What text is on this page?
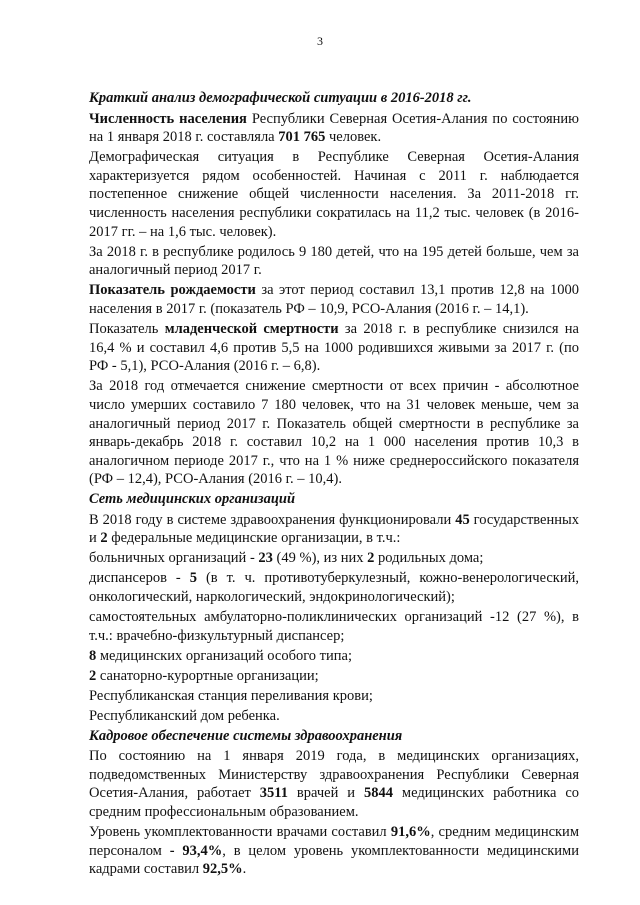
3

Краткий анализ демографической ситуации в 2016-2018 гг.

Численность населения Республики Северная Осетия-Алания по состоянию на 1 января 2018 г. составляла 701 765 человек.

Демографическая ситуация в Республике Северная Осетия-Алания характеризуется рядом особенностей. Начиная с 2011 г. наблюдается постепенное снижение общей численности населения. За 2011-2018 гг. численность населения республики сократилась на 11,2 тыс. человек (в 2016-2017 гг. – на 1,6 тыс. человек).

За 2018 г. в республике родилось 9 180 детей, что на 195 детей больше, чем за аналогичный период 2017 г.

Показатель рождаемости за этот период составил 13,1 против 12,8 на 1000 населения в 2017 г. (показатель РФ – 10,9, РСО-Алания (2016 г. – 14,1).

Показатель младенческой смертности за 2018 г. в республике снизился на 16,4 % и составил 4,6 против 5,5 на 1000 родившихся живыми за 2017 г. (по РФ - 5,1), РСО-Алания (2016 г. – 6,8).

За 2018 год отмечается снижение смертности от всех причин - абсолютное число умерших составило 7 180 человек, что на 31 человек меньше, чем за аналогичный период 2017 г. Показатель общей смертности в республике за январь-декабрь 2018 г. составил 10,2 на 1 000 населения против 10,3 в аналогичном периоде 2017 г., что на 1 % ниже среднероссийского показателя (РФ – 12,4), РСО-Алания (2016 г. – 10,4).

Сеть медицинских организаций

В 2018 году в системе здравоохранения функционировали 45 государственных и 2 федеральные медицинские организации, в т.ч.:

больничных организаций - 23 (49 %), из них 2 родильных дома;

диспансеров - 5 (в т. ч. противотуберкулезный, кожно-венерологический, онкологический, наркологический, эндокринологический);

самостоятельных амбулаторно-поликлинических организаций -12 (27 %), в т.ч.: врачебно-физкультурный диспансер;

8 медицинских организаций особого типа;

2 санаторно-курортные организации;

Республиканская станция переливания крови;

Республиканский дом ребенка.

Кадровое обеспечение системы здравоохранения

По состоянию на 1 января 2019 года, в медицинских организациях, подведомственных Министерству здравоохранения Республики Северная Осетия-Алания, работает 3511 врачей и 5844 медицинских работника со средним профессиональным образованием.

Уровень укомплектованности врачами составил 91,6%, средним медицинским персоналом - 93,4%, в целом уровень укомплектованности медицинскими кадрами составил 92,5%.
